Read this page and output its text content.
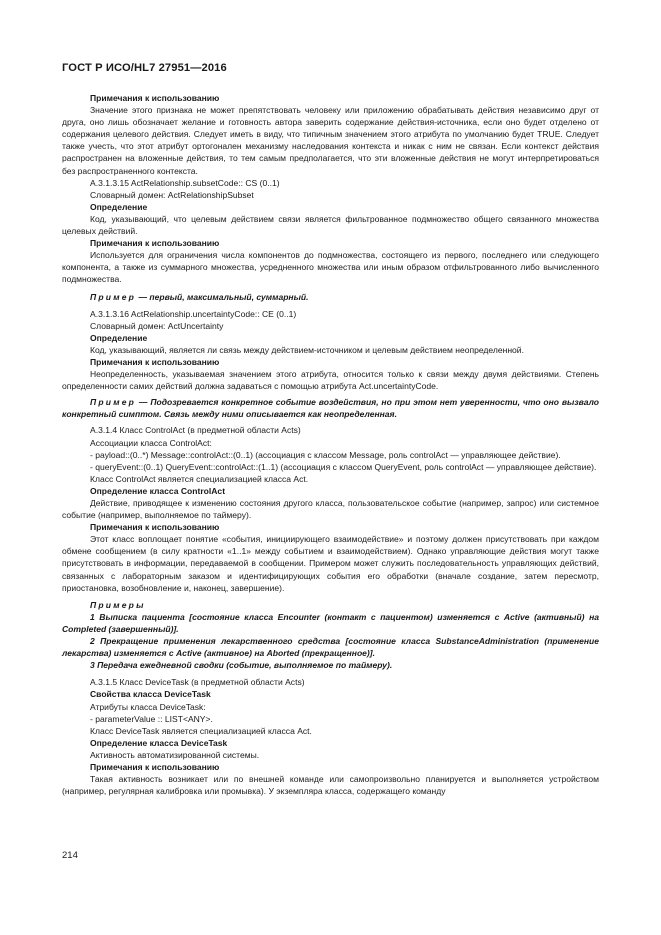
ГОСТ Р ИСО/HL7 27951—2016
Примечания к использованию
Значение этого признака не может препятствовать человеку или приложению обрабатывать действия независимо друг от друга, оно лишь обозначает желание и готовность автора заверить содержание действия-источника, если оно будет отделено от содержания целевого действия. Следует иметь в виду, что типичным значением этого атрибута по умолчанию будет TRUE. Следует также учесть, что этот атрибут ортогонален механизму наследования контекста и никак с ним не связан. Если контекст действия распространен на вложенные действия, то тем самым предполагается, что эти вложенные действия не могут интерпретироваться без распространенного контекста.
A.3.1.3.15 ActRelationship.subsetCode:: CS (0..1)
Словарный домен: ActRelationshipSubset
Определение
Код, указывающий, что целевым действием связи является фильтрованное подмножество общего связанного множества целевых действий.
Примечания к использованию
Используется для ограничения числа компонентов до подмножества, состоящего из первого, последнего или следующего компонента, а также из суммарного множества, усредненного множества или иным образом отфильтрованного либо вычисленного подмножества.
Пример — первый, максимальный, суммарный.
A.3.1.3.16 ActRelationship.uncertaintyCode:: CE (0..1)
Словарный домен: ActUncertainty
Определение
Код, указывающий, является ли связь между действием-источником и целевым действием неопределенной.
Примечания к использованию
Неопределенность, указываемая значением этого атрибута, относится только к связи между двумя действиями. Степень определенности самих действий должна задаваться с помощью атрибута Act.uncertaintyCode.
Пример — Подозревается конкретное событие воздействия, но при этом нет уверенности, что оно вызвало конкретный симптом. Связь между ними описывается как неопределенная.
A.3.1.4 Класс ControlAct (в предметной области Acts)
Ассоциации класса ControlAct:
- payload::(0..*) Message::controlAct::(0..1) (ассоциация с классом Message, роль controlAct — управляющее действие).
- queryEvent::(0..1) QueryEvent::controlAct::(1..1) (ассоциация с классом QueryEvent, роль controlAct — управляющее действие).
Класс ControlAct является специализацией класса Act.
Определение класса ControlAct
Действие, приводящее к изменению состояния другого класса, пользовательское событие (например, запрос) или системное событие (например, выполняемое по таймеру).
Примечания к использованию
Этот класс воплощает понятие «события, инициирующего взаимодействие» и поэтому должен присутствовать при каждом обмене сообщением (в силу кратности «1..1» между событием и взаимодействием). Однако управляющие действия могут также присутствовать в информации, передаваемой в сообщении. Примером может служить последовательность управляющих действий, связанных с лабораторным заказом и идентифицирующих события его обработки (вначале создание, затем пересмотр, приостановка, возобновление и, наконец, завершение).
Примеры
1 Выписка пациента [состояние класса Encounter (контакт с пациентом) изменяется с Active (активный) на Completed (завершенный)].
2 Прекращение применения лекарственного средства [состояние класса SubstanceAdministration (применение лекарства) изменяется с Active (активное) на Aborted (прекращенное)].
3 Передача ежедневной сводки (событие, выполняемое по таймеру).
A.3.1.5 Класс DeviceTask (в предметной области Acts)
Свойства класса DeviceTask
Атрибуты класса DeviceTask:
- parameterValue :: LIST<ANY>.
Класс DeviceTask является специализацией класса Act.
Определение класса DeviceTask
Активность автоматизированной системы.
Примечания к использованию
Такая активность возникает или по внешней команде или самопроизвольно планируется и выполняется устройством (например, регулярная калибровка или промывка). У экземпляра класса, содержащего команду
214
